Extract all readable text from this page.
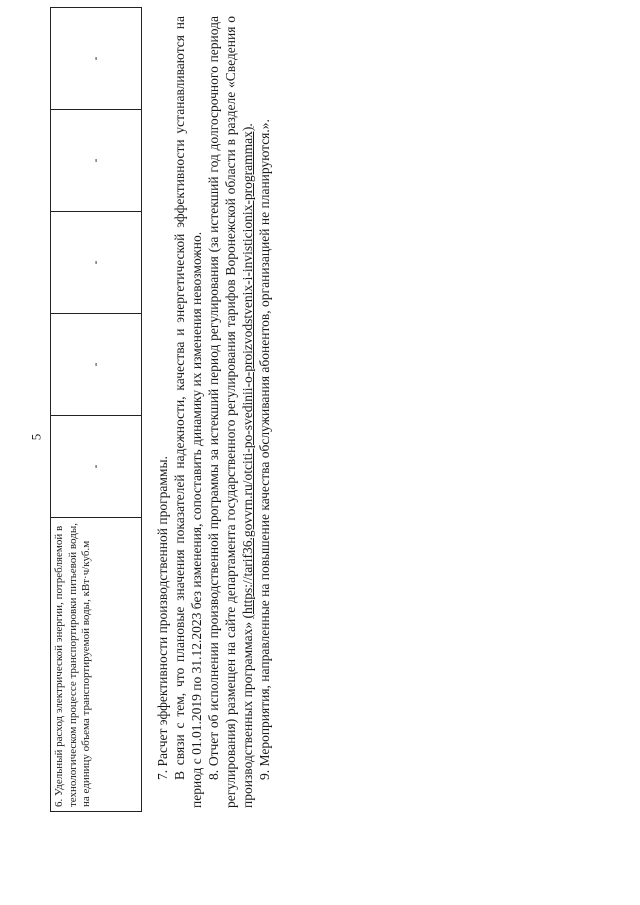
5
6. Удельный расход электрической энергии, потребляемой в технологическом процессе транспортировки питьевой воды, на единицу объема транспортируемой воды, кВт·ч/куб.м	-	-	-	-	-

7. Расчет эффективности производственной программы. В связи с тем, что плановые значения показателей надежности, качества и энергетической эффективности устанавливаются на период с 01.01.2019 по 31.12.2023 без изменения, сопоставить динамику их изменения невозможно. 8. Отчет об исполнении производственной программы за истекший период регулирования (за истекший год долгосрочного периода регулирования) размещен на сайте департамента государственного регулирования тарифов Воронежской области в разделе «Сведения о производственных программах» (https://tarif36.govvrn.ru/otciti-po-svedinii-o-proizvodstvenix-i-invisticionix-programmax). 9. Мероприятия, направленные на повышение качества обслуживания абонентов, организацией не планируются.».
